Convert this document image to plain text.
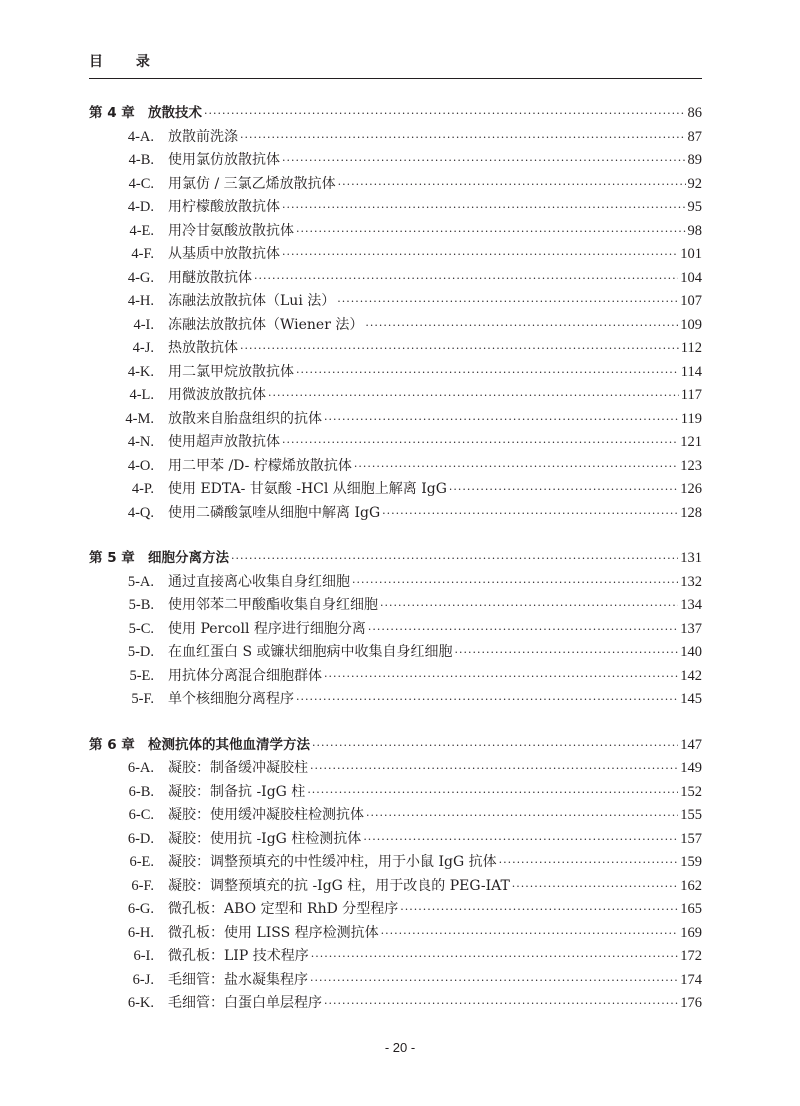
目 录
第 4 章 放散技术 ·····	86
4-A.	放散前洗涤 ·····	87
4-B.	使用氯仿放散抗体 ·····	89
4-C.	用氯仿 / 三氯乙烯放散抗体 ·····	92
4-D.	用柠檬酸放散抗体 ·····	95
4-E.	用冷甘氨酸放散抗体 ·····	98
4-F.	从基质中放散抗体 ·····	101
4-G.	用醚放散抗体 ·····	104
4-H.	冻融法放散抗体（Lui 法） ·····	107
4-I.	冻融法放散抗体（Wiener 法） ·····	109
4-J.	热放散抗体 ·····	112
4-K.	用二氯甲烷放散抗体 ·····	114
4-L.	用微波放散抗体 ·····	117
4-M.	放散来自胎盘组织的抗体 ·····	119
4-N.	使用超声放散抗体 ·····	121
4-O.	用二甲苯 /D- 柠檬烯放散抗体 ·····	123
4-P.	使用 EDTA- 甘氨酸 -HCl 从细胞上解离 IgG ·····	126
4-Q.	使用二磷酸氯喹从细胞中解离 IgG ·····	128
第 5 章 细胞分离方法 ·····	131
5-A.	通过直接离心收集自身红细胞 ·····	132
5-B.	使用邻苯二甲酸酯收集自身红细胞 ·····	134
5-C.	使用 Percoll 程序进行细胞分离 ·····	137
5-D.	在血红蛋白 S 或镰状细胞病中收集自身红细胞 ·····	140
5-E.	用抗体分离混合细胞群体 ·····	142
5-F.	单个核细胞分离程序 ·····	145
第 6 章 检测抗体的其他血清学方法 ·····	147
6-A.	凝胶：制备缓冲凝胶柱 ·····	149
6-B.	凝胶：制备抗 -IgG 柱 ·····	152
6-C.	凝胶：使用缓冲凝胶柱检测抗体 ·····	155
6-D.	凝胶：使用抗 -IgG 柱检测抗体 ·····	157
6-E.	凝胶：调整预填充的中性缓冲柱，用于小鼠 IgG 抗体 ·····	159
6-F.	凝胶：调整预填充的抗 -IgG 柱，用于改良的 PEG-IAT ·····	162
6-G.	微孔板：ABO 定型和 RhD 分型程序 ·····	165
6-H.	微孔板：使用 LISS 程序检测抗体 ·····	169
6-I.	微孔板：LIP 技术程序 ·····	172
6-J.	毛细管：盐水凝集程序 ·····	174
6-K.	毛细管：白蛋白单层程序 ·····	176
- 20 -
